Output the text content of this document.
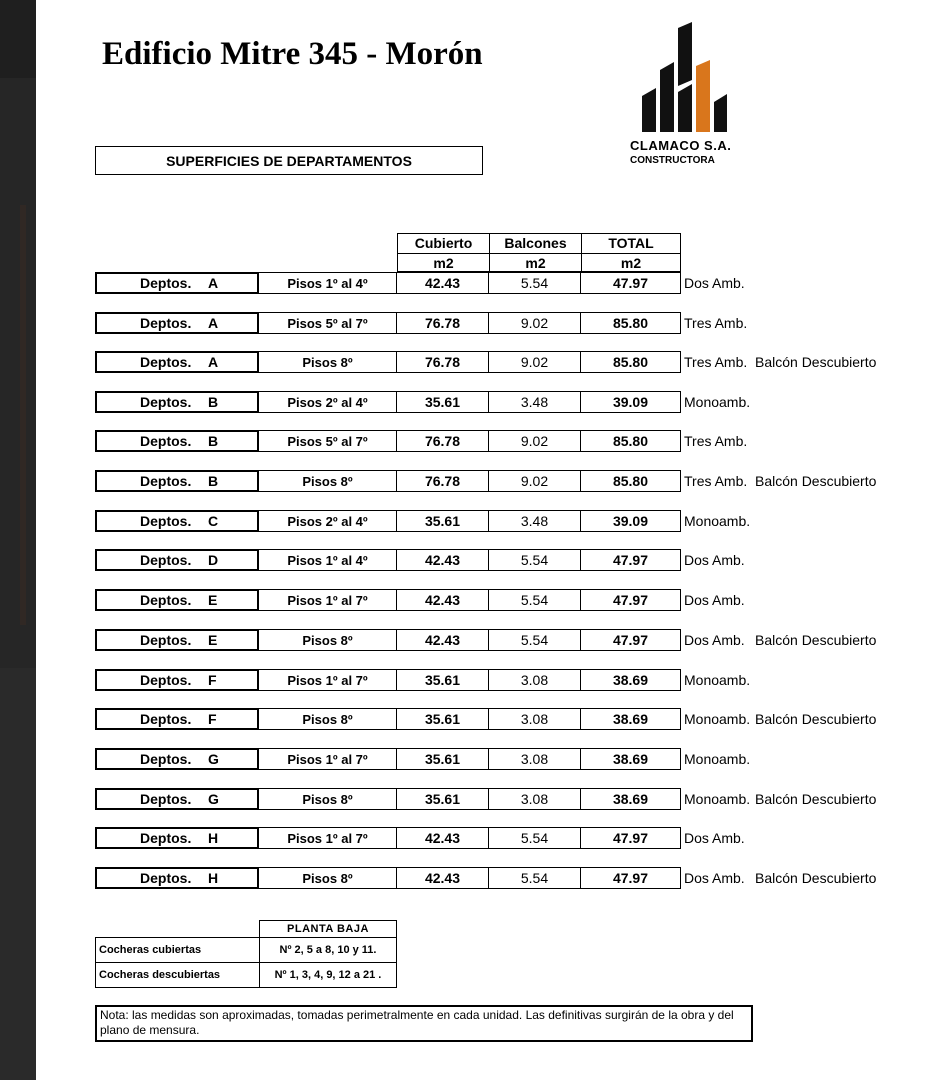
Edificio Mitre 345 - Morón
CLAMACO S.A.
CONSTRUCTORA
SUPERFICIES DE DEPARTAMENTOS
Cubierto
m2
Balcones
m2
TOTAL
m2
Deptos.	A	Pisos 1º al 4º	42.43	5.54	47.97	Dos Amb.
Deptos.	A	Pisos 5º al 7º	76.78	9.02	85.80	Tres Amb.
Deptos.	A	Pisos 8º	76.78	9.02	85.80	Tres Amb. Balcón Descubierto
Deptos.	B	Pisos 2º al 4º	35.61	3.48	39.09	Monoamb.
Deptos.	B	Pisos 5º al 7º	76.78	9.02	85.80	Tres Amb.
Deptos.	B	Pisos 8º	76.78	9.02	85.80	Tres Amb. Balcón Descubierto
Deptos.	C	Pisos 2º al 4º	35.61	3.48	39.09	Monoamb.
Deptos.	D	Pisos 1º al 4º	42.43	5.54	47.97	Dos Amb.
Deptos.	E	Pisos 1º al 7º	42.43	5.54	47.97	Dos Amb.
Deptos.	E	Pisos 8º	42.43	5.54	47.97	Dos Amb. Balcón Descubierto
Deptos.	F	Pisos 1º al 7º	35.61	3.08	38.69	Monoamb.
Deptos.	F	Pisos 8º	35.61	3.08	38.69	Monoamb. Balcón Descubierto
Deptos.	G	Pisos 1º al 7º	35.61	3.08	38.69	Monoamb.
Deptos.	G	Pisos 8º	35.61	3.08	38.69	Monoamb. Balcón Descubierto
Deptos.	H	Pisos 1º al 7º	42.43	5.54	47.97	Dos Amb.
Deptos.	H	Pisos 8º	42.43	5.54	47.97	Dos Amb. Balcón Descubierto
PLANTA BAJA
Cocheras cubiertas	Nº 2, 5 a 8, 10 y 11.
Cocheras descubiertas	Nº 1, 3, 4, 9, 12 a 21 .
Nota: las medidas son aproximadas, tomadas perimetralmente en cada unidad. Las definitivas surgirán de la obra y del plano de mensura.
